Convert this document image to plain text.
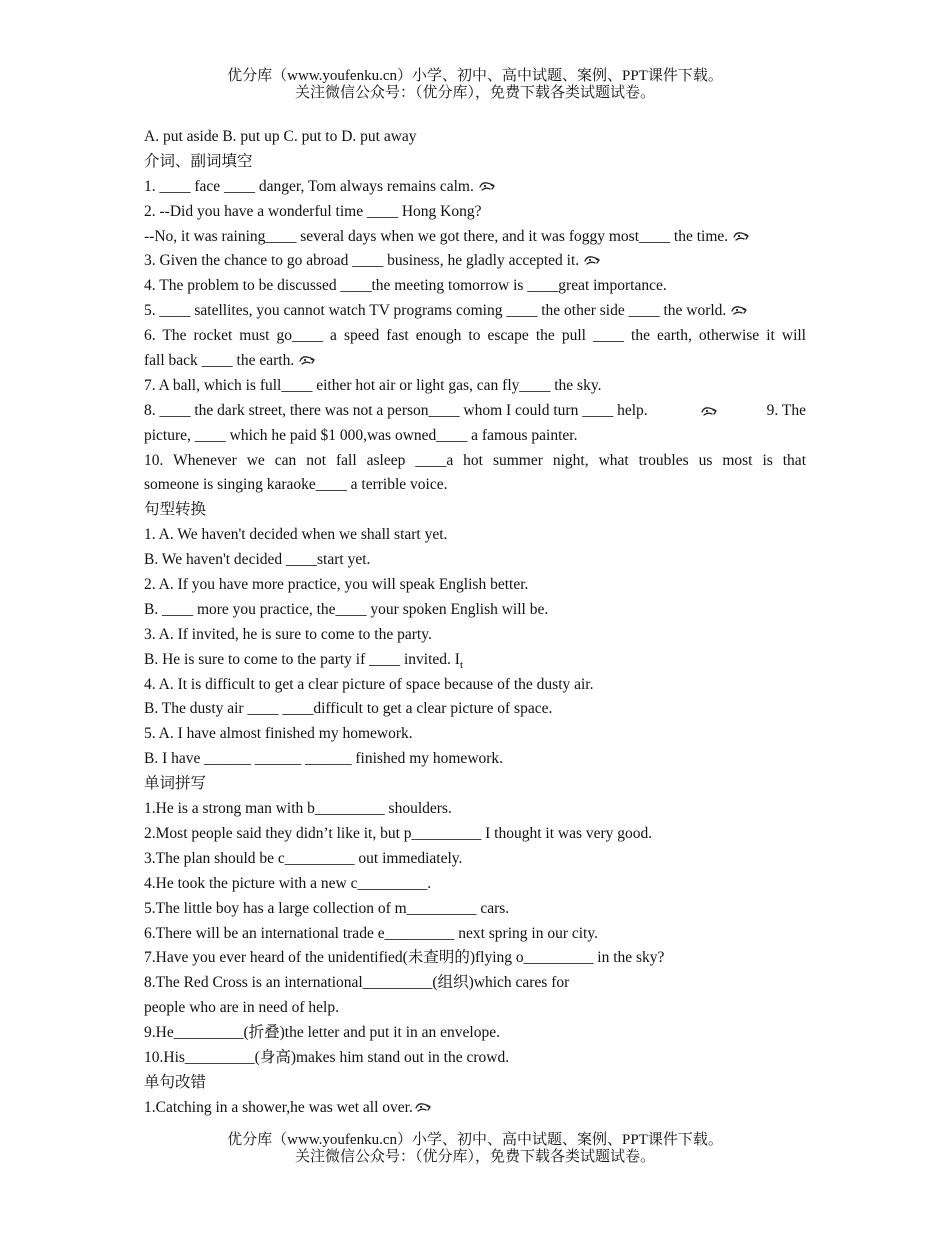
优分库（www.youfenku.cn）小学、初中、高中试题、案例、PPT课件下载。
关注微信公众号：（优分库），免费下载各类试题试卷。
A. put aside B. put up C. put to D. put away
介词、副词填空
1. ____ face ____ danger, Tom always remains calm.
2. --Did you have a wonderful time ____ Hong Kong?
--No, it was raining____ several days when we got there, and it was foggy most____ the time.
3. Given the chance to go abroad ____ business, he gladly accepted it.
4. The problem to be discussed ____the meeting tomorrow is ____great importance.
5. ____ satellites, you cannot watch TV programs coming ____ the other side ____ the world.
6. The rocket must go____ a speed fast enough to escape the pull ____ the earth, otherwise it will
fall back ____ the earth.
7. A ball, which is full____ either hot air or light gas, can fly____ the sky.
8. ____ the dark street, there was not a person____ whom I could turn ____ help.	9. The
picture, ____ which he paid $1 000,was owned____ a famous painter.
10. Whenever we can not fall asleep ____a hot summer night, what troubles us most is that
someone is singing karaoke____ a terrible voice.
句型转换
1. A. We haven't decided when we shall start yet.
B. We haven't decided ____start yet.
2. A. If you have more practice, you will speak English better.
B. ____ more you practice, the____ your spoken English will be.
3. A. If invited, he is sure to come to the party.
B. He is sure to come to the party if ____ invited. $I_t$
4. A. It is difficult to get a clear picture of space because of the dusty air.
B. The dusty air ____ ____difficult to get a clear picture of space.
5. A. I have almost finished my homework.
B. I have ______ ______ ______ finished my homework.
单词拼写
1.He is a strong man with b_________ shoulders.
2.Most people said they didn’t like it, but p_________ I thought it was very good.
3.The plan should be c_________ out immediately.
4.He took the picture with a new c_________.
5.The little boy has a large collection of m_________ cars.
6.There will be an international trade e_________ next spring in our city.
7.Have you ever heard of the unidentified(未查明的)flying o_________ in the sky?
8.The Red Cross is an international_________(组织)which cares for
people who are in need of help.
9.He_________(折叠)the letter and put it in an envelope.
10.His_________(身高)makes him stand out in the crowd.
单句改错
1.Catching in a shower,he was wet all over.
优分库（www.youfenku.cn）小学、初中、高中试题、案例、PPT课件下载。
关注微信公众号：（优分库），免费下载各类试题试卷。
